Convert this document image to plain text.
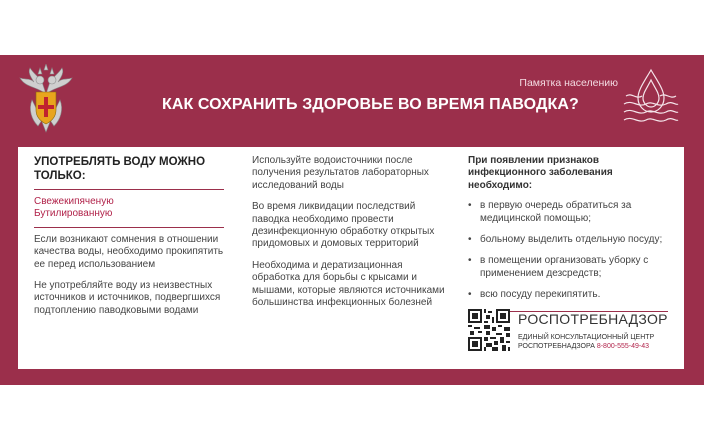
Памятка населению
КАК СОХРАНИТЬ ЗДОРОВЬЕ ВО ВРЕМЯ ПАВОДКА?
УПОТРЕБЛЯТЬ ВОДУ МОЖНО ТОЛЬКО:
Свежекипяченую
Бутилированную

Если возникают сомнения в отношении качества воды, необходимо прокипятить ее перед использованием

Не употребляйте воду из неизвестных источников и источников, подвергшихся подтоплению паводковыми водами

Используйте водоисточники после получения результатов лабораторных исследований воды

Во время ликвидации последствий паводка необходимо провести дезинфекционную обработку открытых придомовых и домовых территорий

Необходима и дератизационная обработка для борьбы с крысами и мышами, которые являются источниками большинства инфекционных болезней

При появлении признаков инфекционного заболевания необходимо:
• в первую очередь обратиться за медицинской помощью;
• больному выделить отдельную посуду;
• в помещении организовать уборку с применением дезсредств;
• всю посуду перекипятить.
РОСПОТРЕБНАДЗОР
ЕДИНЫЙ КОНСУЛЬТАЦИОННЫЙ ЦЕНТР
РОСПОТРЕБНАДЗОРА 8-800-555-49-43
